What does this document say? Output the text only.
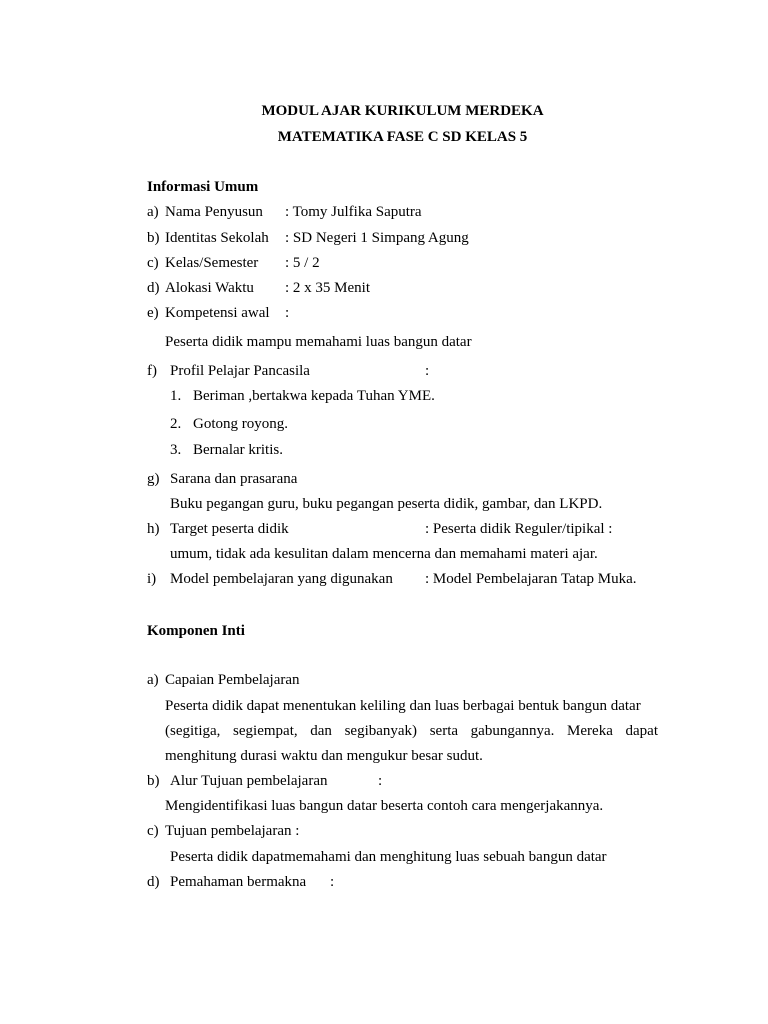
MODUL AJAR KURIKULUM MERDEKA
MATEMATIKA FASE C SD KELAS 5
Informasi Umum
a) Nama Penyusun : Tomy Julfika Saputra
b) Identitas Sekolah : SD Negeri 1 Simpang Agung
c) Kelas/Semester : 5 / 2
d) Alokasi Waktu : 2 x 35 Menit
e) Kompetensi awal :
Peserta didik mampu memahami luas bangun datar
f) Profil Pelajar Pancasila	:
1. Beriman ,bertakwa kepada Tuhan YME.
2. Gotong royong.
3. Bernalar kritis.
g) Sarana dan prasarana
Buku pegangan guru, buku pegangan peserta didik, gambar, dan LKPD.
h) Target peserta didik	: Peserta didik Reguler/tipikal :
umum, tidak ada kesulitan dalam mencerna dan memahami materi ajar.
i) Model pembelajaran yang digunakan : Model Pembelajaran Tatap Muka.
Komponen Inti
a) Capaian Pembelajaran
Peserta didik dapat menentukan keliling dan luas berbagai bentuk bangun datar
(segitiga, segiempat, dan segibanyak) serta gabungannya. Mereka dapat
menghitung durasi waktu dan mengukur besar sudut.
b) Alur Tujuan pembelajaran	:
Mengidentifikasi luas bangun datar beserta contoh cara mengerjakannya.
c) Tujuan pembelajaran :
Peserta didik dapatmemahami dan menghitung luas sebuah bangun datar
d) Pemahaman bermakna :
